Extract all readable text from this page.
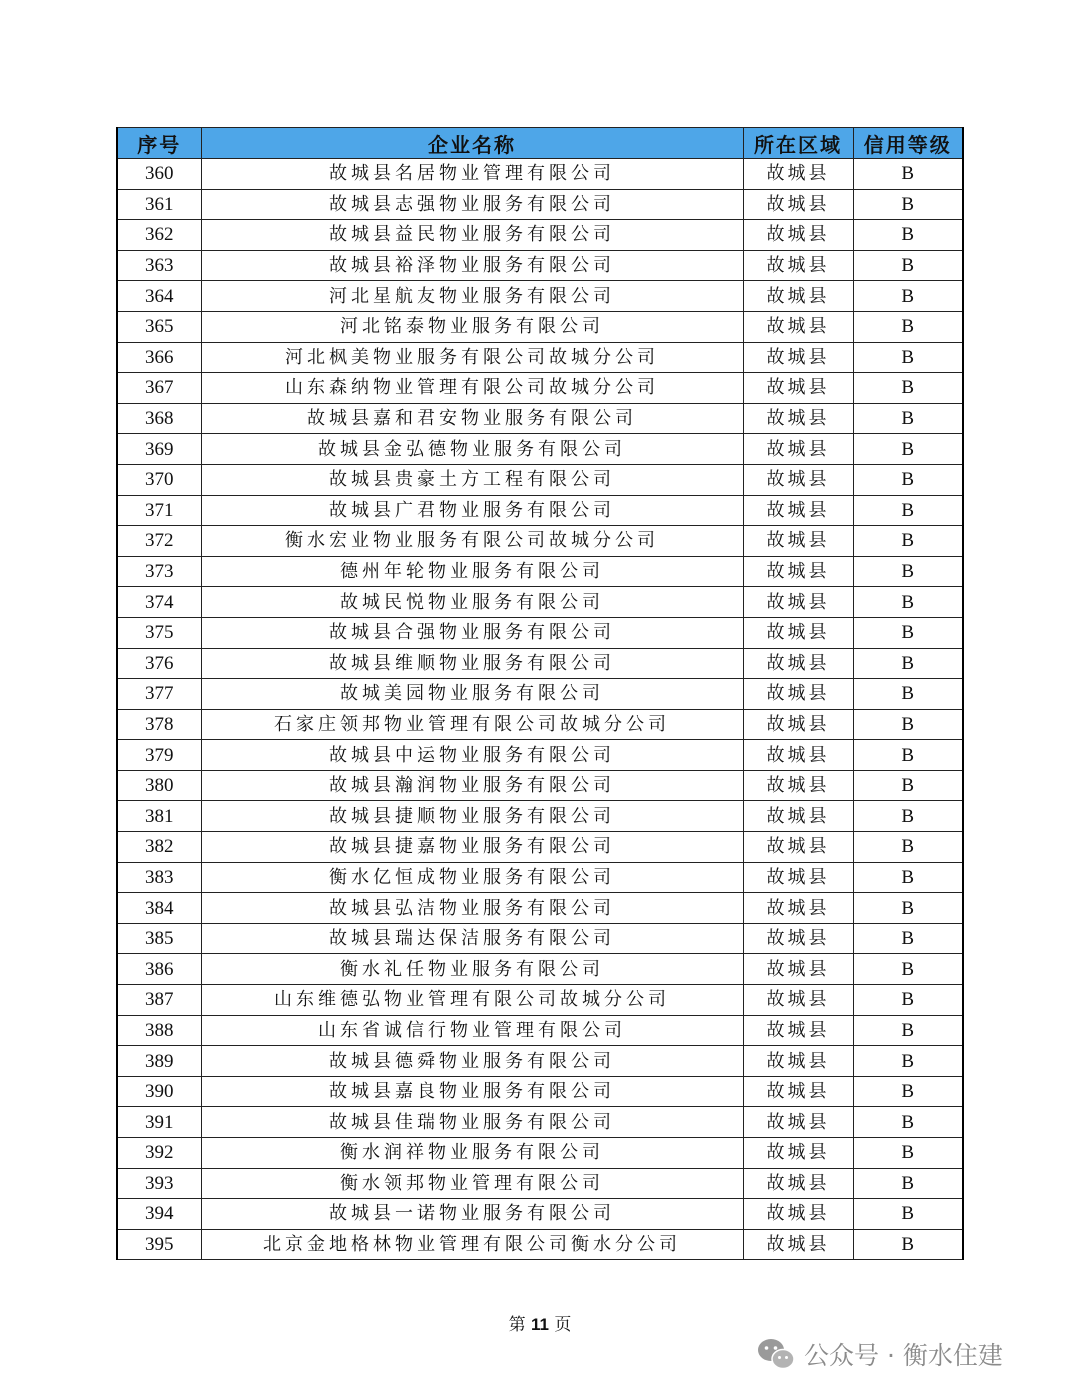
序号	企业名称	所在区域	信用等级
360	故城县名居物业管理有限公司	故城县	B
361	故城县志强物业服务有限公司	故城县	B
362	故城县益民物业服务有限公司	故城县	B
363	故城县裕泽物业服务有限公司	故城县	B
364	河北星航友物业服务有限公司	故城县	B
365	河北铭泰物业服务有限公司	故城县	B
366	河北枫美物业服务有限公司故城分公司	故城县	B
367	山东森纳物业管理有限公司故城分公司	故城县	B
368	故城县嘉和君安物业服务有限公司	故城县	B
369	故城县金弘德物业服务有限公司	故城县	B
370	故城县贵豪土方工程有限公司	故城县	B
371	故城县广君物业服务有限公司	故城县	B
372	衡水宏业物业服务有限公司故城分公司	故城县	B
373	德州年轮物业服务有限公司	故城县	B
374	故城民悦物业服务有限公司	故城县	B
375	故城县合强物业服务有限公司	故城县	B
376	故城县维顺物业服务有限公司	故城县	B
377	故城美园物业服务有限公司	故城县	B
378	石家庄领邦物业管理有限公司故城分公司	故城县	B
379	故城县中运物业服务有限公司	故城县	B
380	故城县瀚润物业服务有限公司	故城县	B
381	故城县捷顺物业服务有限公司	故城县	B
382	故城县捷嘉物业服务有限公司	故城县	B
383	衡水亿恒成物业服务有限公司	故城县	B
384	故城县弘洁物业服务有限公司	故城县	B
385	故城县瑞达保洁服务有限公司	故城县	B
386	衡水礼任物业服务有限公司	故城县	B
387	山东维德弘物业管理有限公司故城分公司	故城县	B
388	山东省诚信行物业管理有限公司	故城县	B
389	故城县德舜物业服务有限公司	故城县	B
390	故城县嘉良物业服务有限公司	故城县	B
391	故城县佳瑞物业服务有限公司	故城县	B
392	衡水润祥物业服务有限公司	故城县	B
393	衡水领邦物业管理有限公司	故城县	B
394	故城县一诺物业服务有限公司	故城县	B
395	北京金地格林物业管理有限公司衡水分公司	故城县	B
第 11 页
公众号 · 衡水住建
